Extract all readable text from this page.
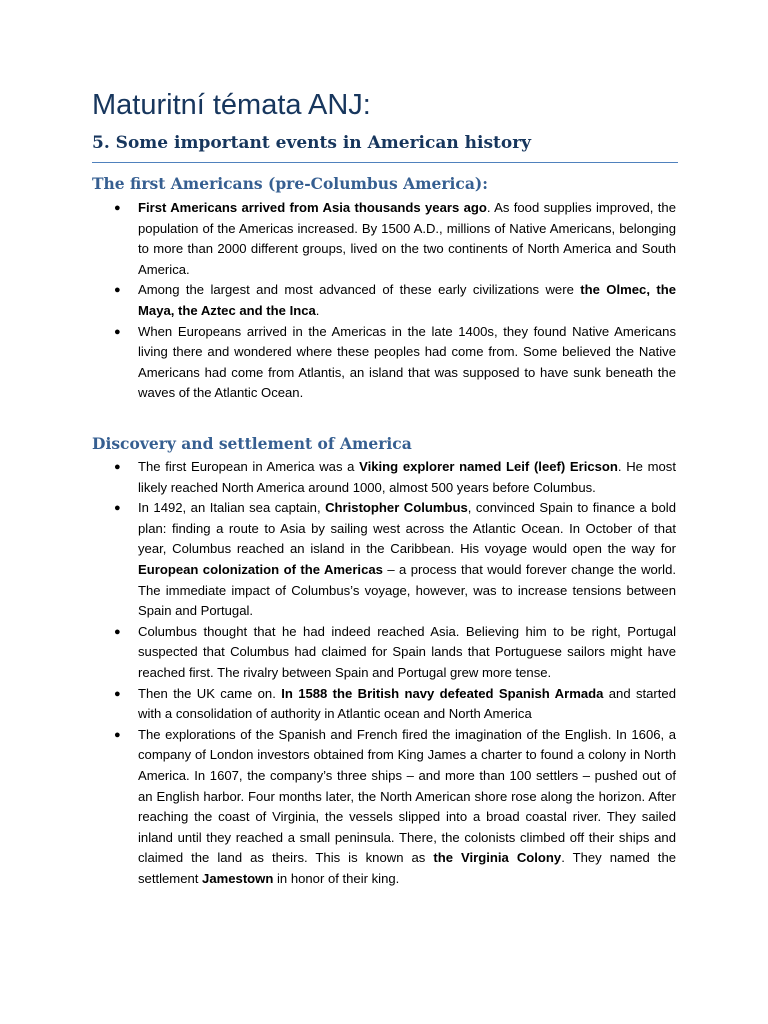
Maturitní témata ANJ:
5. Some important events in American history
The first Americans (pre-Columbus America):
● First Americans arrived from Asia thousands years ago. As food supplies improved, the population of the Americas increased. By 1500 A.D., millions of Native Americans, belonging to more than 2000 different groups, lived on the two continents of North America and South America.
● Among the largest and most advanced of these early civilizations were the Olmec, the Maya, the Aztec and the Inca.
● When Europeans arrived in the Americas in the late 1400s, they found Native Americans living there and wondered where these peoples had come from. Some believed the Native Americans had come from Atlantis, an island that was supposed to have sunk beneath the waves of the Atlantic Ocean.
Discovery and settlement of America
● The first European in America was a Viking explorer named Leif (leef) Ericson. He most likely reached North America around 1000, almost 500 years before Columbus.
● In 1492, an Italian sea captain, Christopher Columbus, convinced Spain to finance a bold plan: finding a route to Asia by sailing west across the Atlantic Ocean. In October of that year, Columbus reached an island in the Caribbean. His voyage would open the way for European colonization of the Americas – a process that would forever change the world. The immediate impact of Columbus’s voyage, however, was to increase tensions between Spain and Portugal.
● Columbus thought that he had indeed reached Asia. Believing him to be right, Portugal suspected that Columbus had claimed for Spain lands that Portuguese sailors might have reached first. The rivalry between Spain and Portugal grew more tense.
● Then the UK came on. In 1588 the British navy defeated Spanish Armada and started with a consolidation of authority in Atlantic ocean and North America
● The explorations of the Spanish and French fired the imagination of the English. In 1606, a company of London investors obtained from King James a charter to found a colony in North America. In 1607, the company’s three ships – and more than 100 settlers – pushed out of an English harbor. Four months later, the North American shore rose along the horizon. After reaching the coast of Virginia, the vessels slipped into a broad coastal river. They sailed inland until they reached a small peninsula. There, the colonists climbed off their ships and claimed the land as theirs. This is known as the Virginia Colony. They named the settlement Jamestown in honor of their king.
